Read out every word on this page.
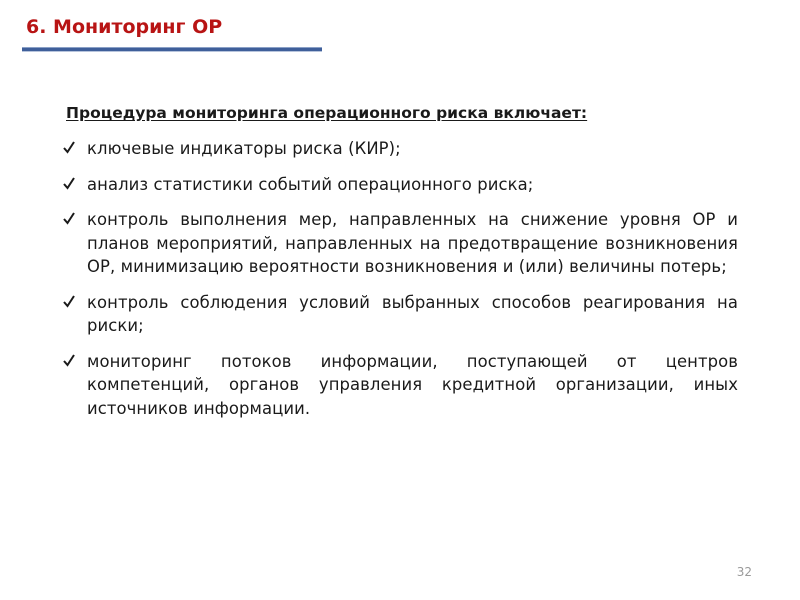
6. Мониторинг ОР
Процедура мониторинга операционного риска включает:
ключевые индикаторы риска (КИР);
анализ статистики событий операционного риска;
контроль выполнения мер, направленных на снижение уровня ОР и планов мероприятий, направленных на предотвращение возникновения ОР, минимизацию вероятности возникновения и (или) величины потерь;
контроль соблюдения условий выбранных способов реагирования на риски;
мониторинг потоков информации, поступающей от центров компетенций, органов управления кредитной организации, иных источников информации.
32
